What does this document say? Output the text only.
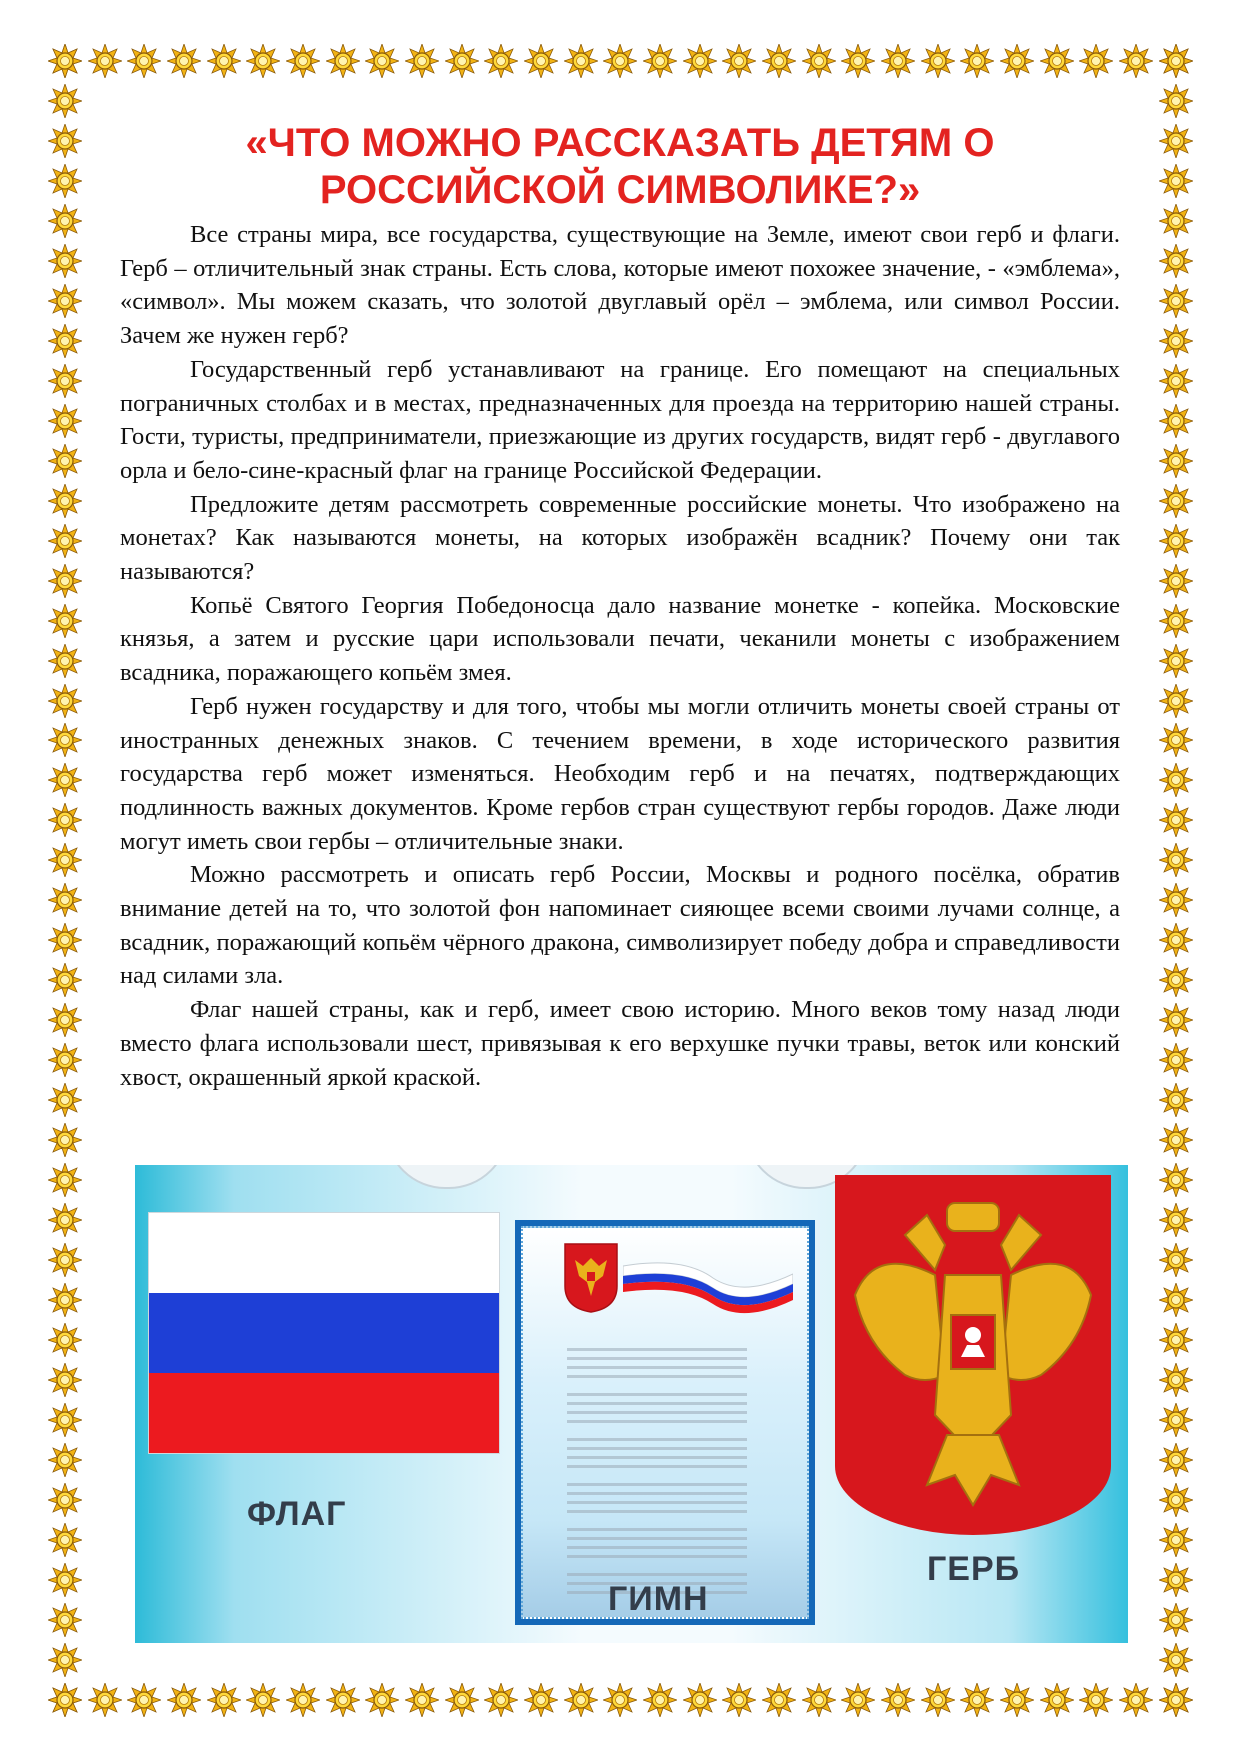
«ЧТО МОЖНО РАССКАЗАТЬ ДЕТЯМ О
РОССИЙСКОЙ СИМВОЛИКЕ?»

Все страны мира, все государства, существующие на Земле, имеют свои герб и флаги. Герб – отличительный знак страны. Есть слова, которые имеют похожее значение, - «эмблема», «символ». Мы можем сказать, что золотой двуглавый орёл – эмблема, или символ России. Зачем же нужен герб?

Государственный герб устанавливают на границе. Его помещают на специальных пограничных столбах и в местах, предназначенных для проезда на территорию нашей страны. Гости, туристы, предприниматели, приезжающие из других государств, видят герб - двуглавого орла и бело-сине-красный флаг на границе Российской Федерации.

Предложите детям рассмотреть современные российские монеты. Что изображено на монетах? Как называются монеты, на которых изображён всадник? Почему они так называются?

Копьё Святого Георгия Победоносца дало название монетке - копейка. Московские князья, а затем и русские цари использовали печати, чеканили монеты с изображением всадника, поражающего копьём змея.

Герб нужен государству и для того, чтобы мы могли отличить монеты своей страны от иностранных денежных знаков. С течением времени, в ходе исторического развития государства герб может изменяться. Необходим герб и на печатях, подтверждающих подлинность важных документов. Кроме гербов стран существуют гербы городов. Даже люди могут иметь свои гербы – отличительные знаки.

Можно рассмотреть и описать герб России, Москвы и родного посёлка, обратив внимание детей на то, что золотой фон напоминает сияющее всеми своими лучами солнце, а всадник, поражающий копьём чёрного дракона, символизирует победу добра и справедливости над силами зла.

Флаг нашей страны, как и герб, имеет свою историю. Много веков тому назад люди вместо флага использовали шест, привязывая к его верхушке пучки травы, веток или конский хвост, окрашенный яркой краской.

ГИМН

ФЛАГ

ГЕРБ
